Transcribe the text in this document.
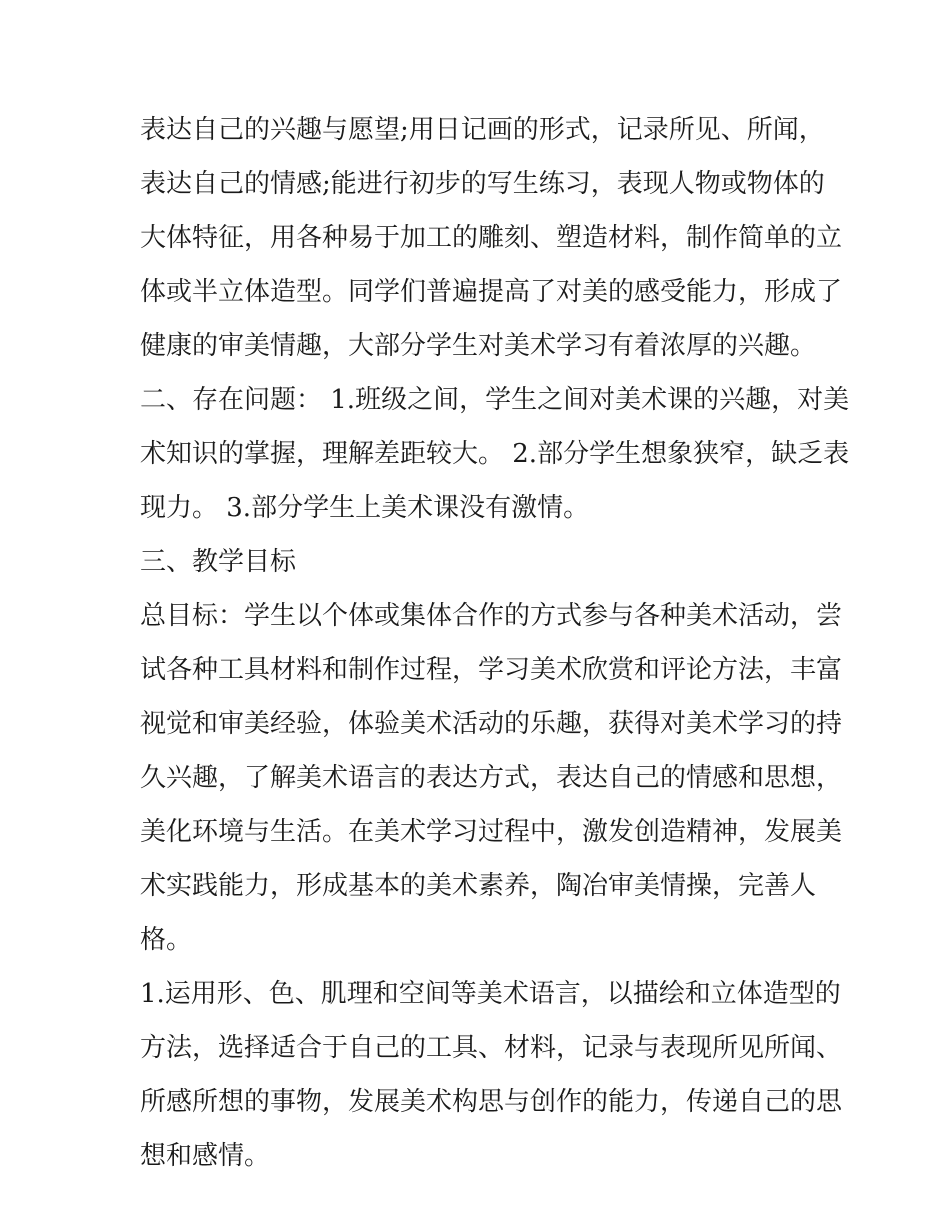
表达自己的兴趣与愿望;用日记画的形式，记录所见、所闻，
表达自己的情感;能进行初步的写生练习，表现人物或物体的
大体特征，用各种易于加工的雕刻、塑造材料，制作简单的立
体或半立体造型。同学们普遍提高了对美的感受能力，形成了
健康的审美情趣，大部分学生对美术学习有着浓厚的兴趣。
二、存在问题： 1.班级之间，学生之间对美术课的兴趣，对美
术知识的掌握，理解差距较大。 2.部分学生想象狭窄，缺乏表
现力。 3.部分学生上美术课没有激情。
三、教学目标
总目标：学生以个体或集体合作的方式参与各种美术活动，尝
试各种工具材料和制作过程，学习美术欣赏和评论方法，丰富
视觉和审美经验，体验美术活动的乐趣，获得对美术学习的持
久兴趣，了解美术语言的表达方式，表达自己的情感和思想，
美化环境与生活。在美术学习过程中，激发创造精神，发展美
术实践能力，形成基本的美术素养，陶冶审美情操，完善人
格。
1.运用形、色、肌理和空间等美术语言，以描绘和立体造型的
方法，选择适合于自己的工具、材料，记录与表现所见所闻、
所感所想的事物，发展美术构思与创作的能力，传递自己的思
想和感情。
